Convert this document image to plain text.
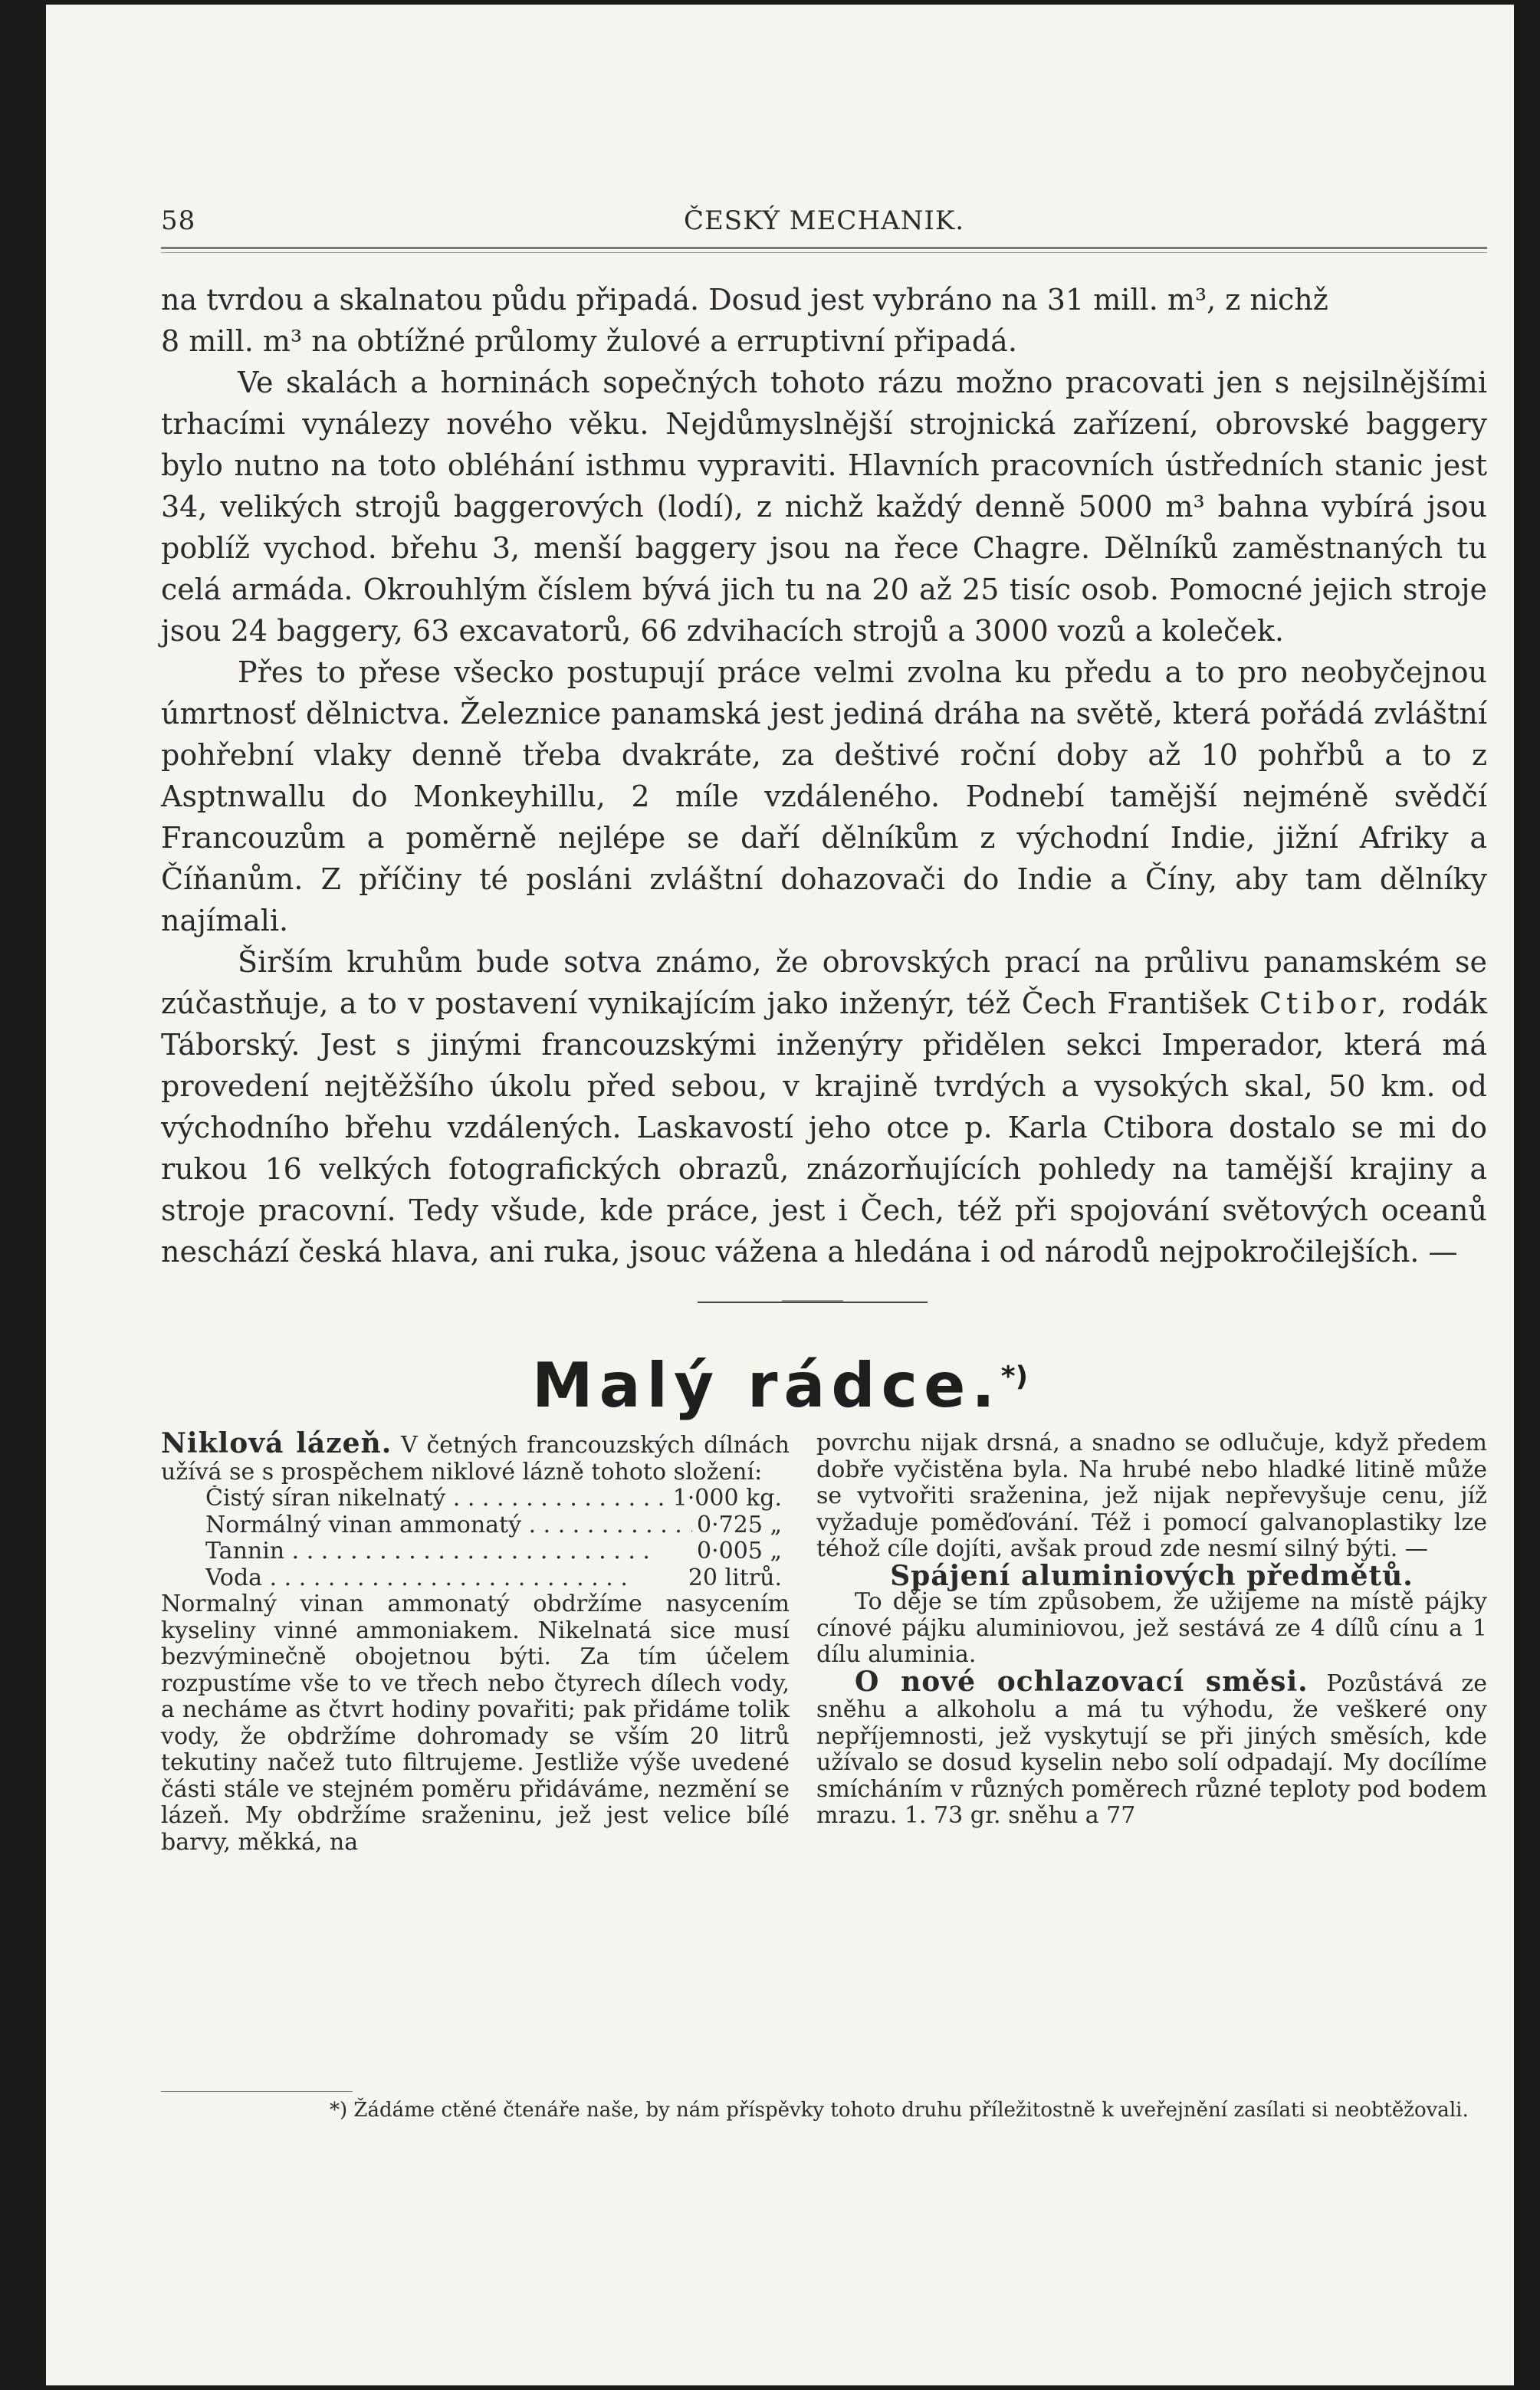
58	ČESKÝ MECHANIK.

na tvrdou a skalnatou půdu připadá. Dosud jest vybráno na 31 mill. m³, z nichž

8 mill. m³ na obtížné průlomy žulové a erruptivní připadá.

Ve skalách a horninách sopečných tohoto rázu možno pracovati jen s nejsilnějšími trhacími vynálezy nového věku. Nejdůmyslnější strojnická zařízení, obrovské baggery bylo nutno na toto obléhání isthmu vypraviti. Hlavních pracovních ústředních stanic jest 34, velikých strojů baggerových (lodí), z nichž každý denně 5000 m³ bahna vybírá jsou poblíž vychod. břehu 3, menší baggery jsou na řece Chagre. Dělníků zaměstnaných tu celá armáda. Okrouhlým číslem bývá jich tu na 20 až 25 tisíc osob. Pomocné jejich stroje jsou 24 baggery, 63 excavatorů, 66 zdvihacích strojů a 3000 vozů a koleček.

Přes to přese všecko postupují práce velmi zvolna ku předu a to pro neobyčejnou úmrtnosť dělnictva. Železnice panamská jest jediná dráha na světě, která pořádá zvláštní pohřební vlaky denně třeba dvakráte, za deštivé roční doby až 10 pohřbů a to z Asptnwallu do Monkeyhillu, 2 míle vzdáleného. Podnebí tamější nejméně svědčí Francouzům a poměrně nejlépe se daří dělníkům z východní Indie, jižní Afriky a Číňanům. Z příčiny té posláni zvláštní dohazovači do Indie a Číny, aby tam dělníky najímali.

Širším kruhům bude sotva známo, že obrovských prací na průlivu panamském se zúčastňuje, a to v postavení vynikajícím jako inženýr, též Čech František Ctibor, rodák Táborský. Jest s jinými francouzskými inženýry přidělen sekci Imperador, která má provedení nejtěžšího úkolu před sebou, v krajině tvrdých a vysokých skal, 50 km. od východního břehu vzdálených. Laskavostí jeho otce p. Karla Ctibora dostalo se mi do rukou 16 velkých fotografických obrazů, znázorňujících pohledy na tamější krajiny a stroje pracovní. Tedy všude, kde práce, jest i Čech, též při spojování světových oceanů neschází česká hlava, ani ruka, jsouc vážena a hledána i od národů nejpokročilejších. —

Malý rádce.*)

Niklová lázeň. V četných francouzských dílnách užívá se s prospěchem niklové lázně tohoto složení:

Čistý síran nikelnatý . . .	1·000 kg.
Normálný vinan ammonatý . . .	0·725 „
Tannin . . .	0·005 „
Voda . . .	20 litrů.

Normalný vinan ammonatý obdržíme nasycením kyseliny vinné ammoniakem. Nikelnatá sice musí bezvýminečně obojetnou býti. Za tím účelem rozpustíme vše to ve třech nebo čtyrech dílech vody, a necháme as čtvrt hodiny povařiti; pak přidáme tolik vody, že obdržíme dohromady se vším 20 litrů tekutiny načež tuto filtrujeme. Jestliže výše uvedené části stále ve stejném poměru přidáváme, nezmění se lázeň. My obdržíme sraženinu, jež jest velice bílé barvy, měkká, na

povrchu nijak drsná, a snadno se odlučuje, když předem dobře vyčistěna byla. Na hrubé nebo hladké litině může se vytvořiti sraženina, jež nijak nepřevyšuje cenu, jíž vyžaduje poměďování. Též i pomocí galvanoplastiky lze téhož cíle dojíti, avšak proud zde nesmí silný býti. —

Spájení aluminiových předmětů.

To děje se tím způsobem, že užijeme na místě pájky cínové pájku aluminiovou, jež sestává ze 4 dílů cínu a 1 dílu aluminia.

O nové ochlazovací směsi. Pozůstává ze sněhu a alkoholu a má tu výhodu, že veškeré ony nepříjemnosti, jež vyskytují se při jiných směsích, kde užívalo se dosud kyselin nebo solí odpadají. My docílíme smícháním v různých poměrech různé teploty pod bodem mrazu. 1. 73 gr. sněhu a 77

*) Žádáme ctěné čtenáře naše, by nám příspěvky tohoto druhu příležitostně k uveřejnění zasílati si neobtěžovali.
